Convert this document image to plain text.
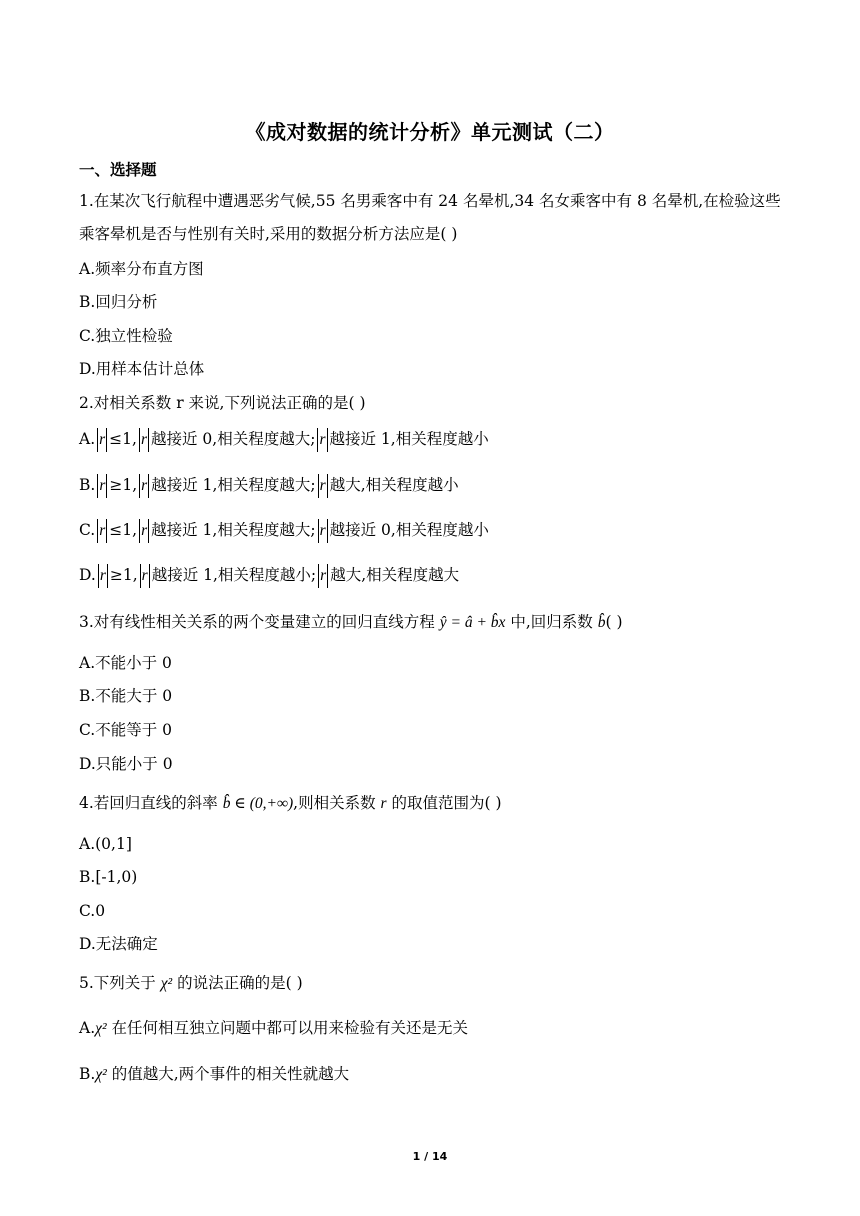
《成对数据的统计分析》单元测试（二）
一、选择题
1.在某次飞行航程中遭遇恶劣气候,55 名男乘客中有 24 名晕机,34 名女乘客中有 8 名晕机,在检验这些乘客晕机是否与性别有关时,采用的数据分析方法应是( )
A.频率分布直方图
B.回归分析
C.独立性检验
D.用样本估计总体
2.对相关系数 r 来说,下列说法正确的是( )
A. r ≤1, r 越接近 0,相关程度越大; r 越接近 1,相关程度越小
B. r ≥1, r 越接近 1,相关程度越大; r 越大,相关程度越小
C. r ≤1, r 越接近 1,相关程度越大; r 越接近 0,相关程度越小
D. r ≥1, r 越接近 1,相关程度越小; r 越大,相关程度越大
3.对有线性相关关系的两个变量建立的回归直线方程 ŷ = â + b̂x 中,回归系数 b̂( )
A.不能小于 0
B.不能大于 0
C.不能等于 0
D.只能小于 0
4.若回归直线的斜率 b̂ ∈ (0,+∞),则相关系数 r 的取值范围为( )
A.(0,1]
B.[-1,0)
C.0
D.无法确定
5.下列关于 χ² 的说法正确的是( )
A.χ² 在任何相互独立问题中都可以用来检验有关还是无关
B.χ² 的值越大,两个事件的相关性就越大
1 / 14
